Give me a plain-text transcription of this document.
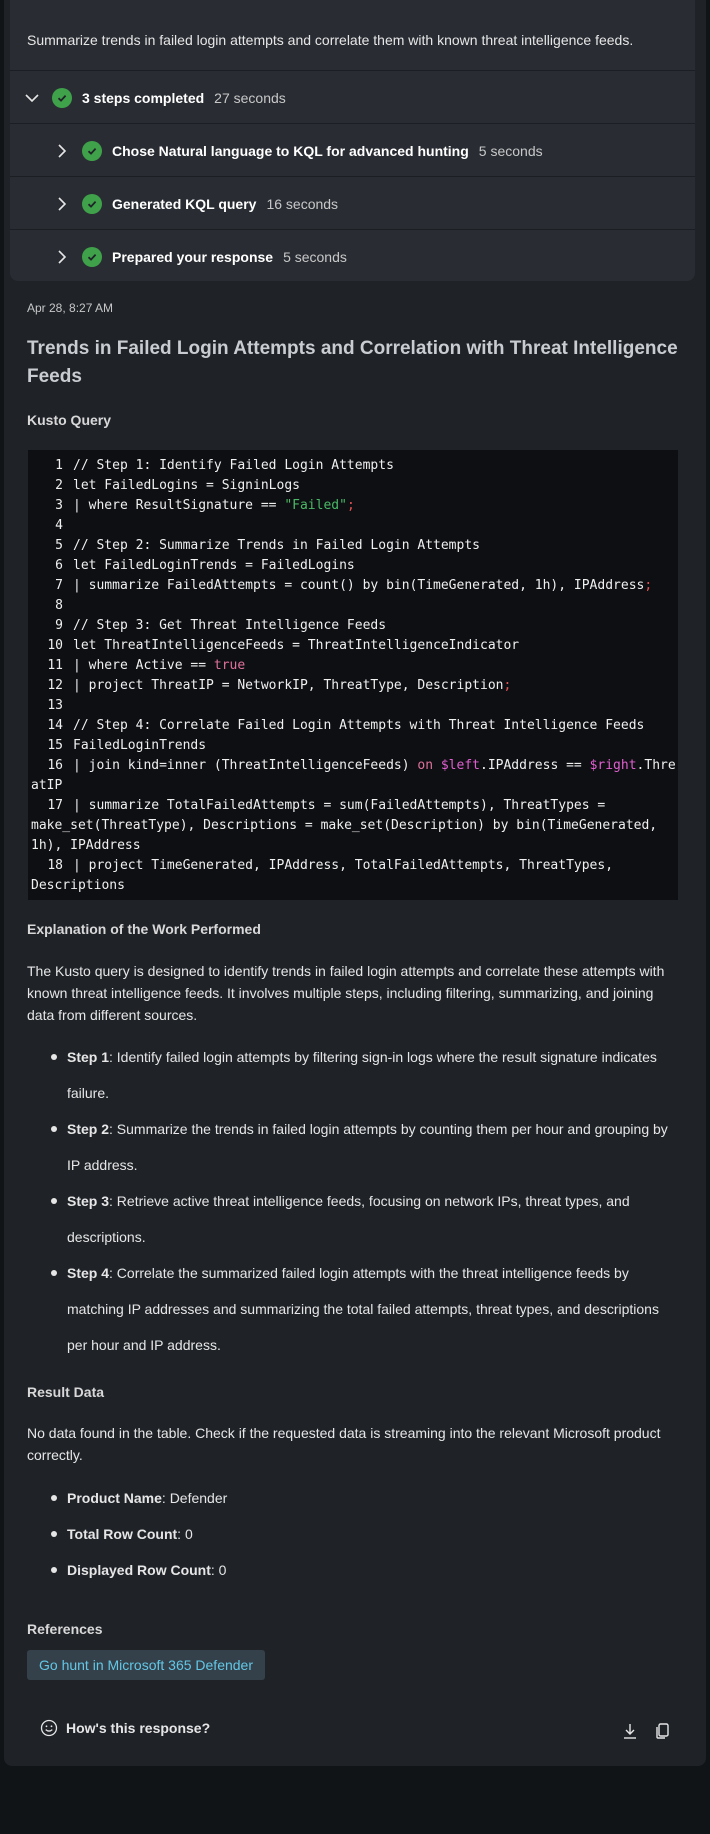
Summarize trends in failed login attempts and correlate them with known threat intelligence feeds.
3 steps completed 27 seconds
Chose Natural language to KQL for advanced hunting 5 seconds
Generated KQL query 16 seconds
Prepared your response 5 seconds
Apr 28, 8:27 AM
Trends in Failed Login Attempts and Correlation with Threat Intelligence Feeds
Kusto Query
1 // Step 1: Identify Failed Login Attempts
2 let FailedLogins = SigninLogs
3 | where ResultSignature == "Failed";
4
5 // Step 2: Summarize Trends in Failed Login Attempts
6 let FailedLoginTrends = FailedLogins
7 | summarize FailedAttempts = count() by bin(TimeGenerated, 1h), IPAddress;
8
9 // Step 3: Get Threat Intelligence Feeds
10 let ThreatIntelligenceFeeds = ThreatIntelligenceIndicator
11 | where Active == true
12 | project ThreatIP = NetworkIP, ThreatType, Description;
13
14 // Step 4: Correlate Failed Login Attempts with Threat Intelligence Feeds
15 FailedLoginTrends
16 | join kind=inner (ThreatIntelligenceFeeds) on $left.IPAddress == $right.ThreatIP
17 | summarize TotalFailedAttempts = sum(FailedAttempts), ThreatTypes = make_set(ThreatType), Descriptions = make_set(Description) by bin(TimeGenerated, 1h), IPAddress
18 | project TimeGenerated, IPAddress, TotalFailedAttempts, ThreatTypes, Descriptions
Explanation of the Work Performed
The Kusto query is designed to identify trends in failed login attempts and correlate these attempts with known threat intelligence feeds. It involves multiple steps, including filtering, summarizing, and joining data from different sources.
Step 1: Identify failed login attempts by filtering sign-in logs where the result signature indicates failure.
Step 2: Summarize the trends in failed login attempts by counting them per hour and grouping by IP address.
Step 3: Retrieve active threat intelligence feeds, focusing on network IPs, threat types, and descriptions.
Step 4: Correlate the summarized failed login attempts with the threat intelligence feeds by matching IP addresses and summarizing the total failed attempts, threat types, and descriptions per hour and IP address.
Result Data
No data found in the table. Check if the requested data is streaming into the relevant Microsoft product correctly.
Product Name: Defender
Total Row Count: 0
Displayed Row Count: 0
References
Go hunt in Microsoft 365 Defender
How's this response?
